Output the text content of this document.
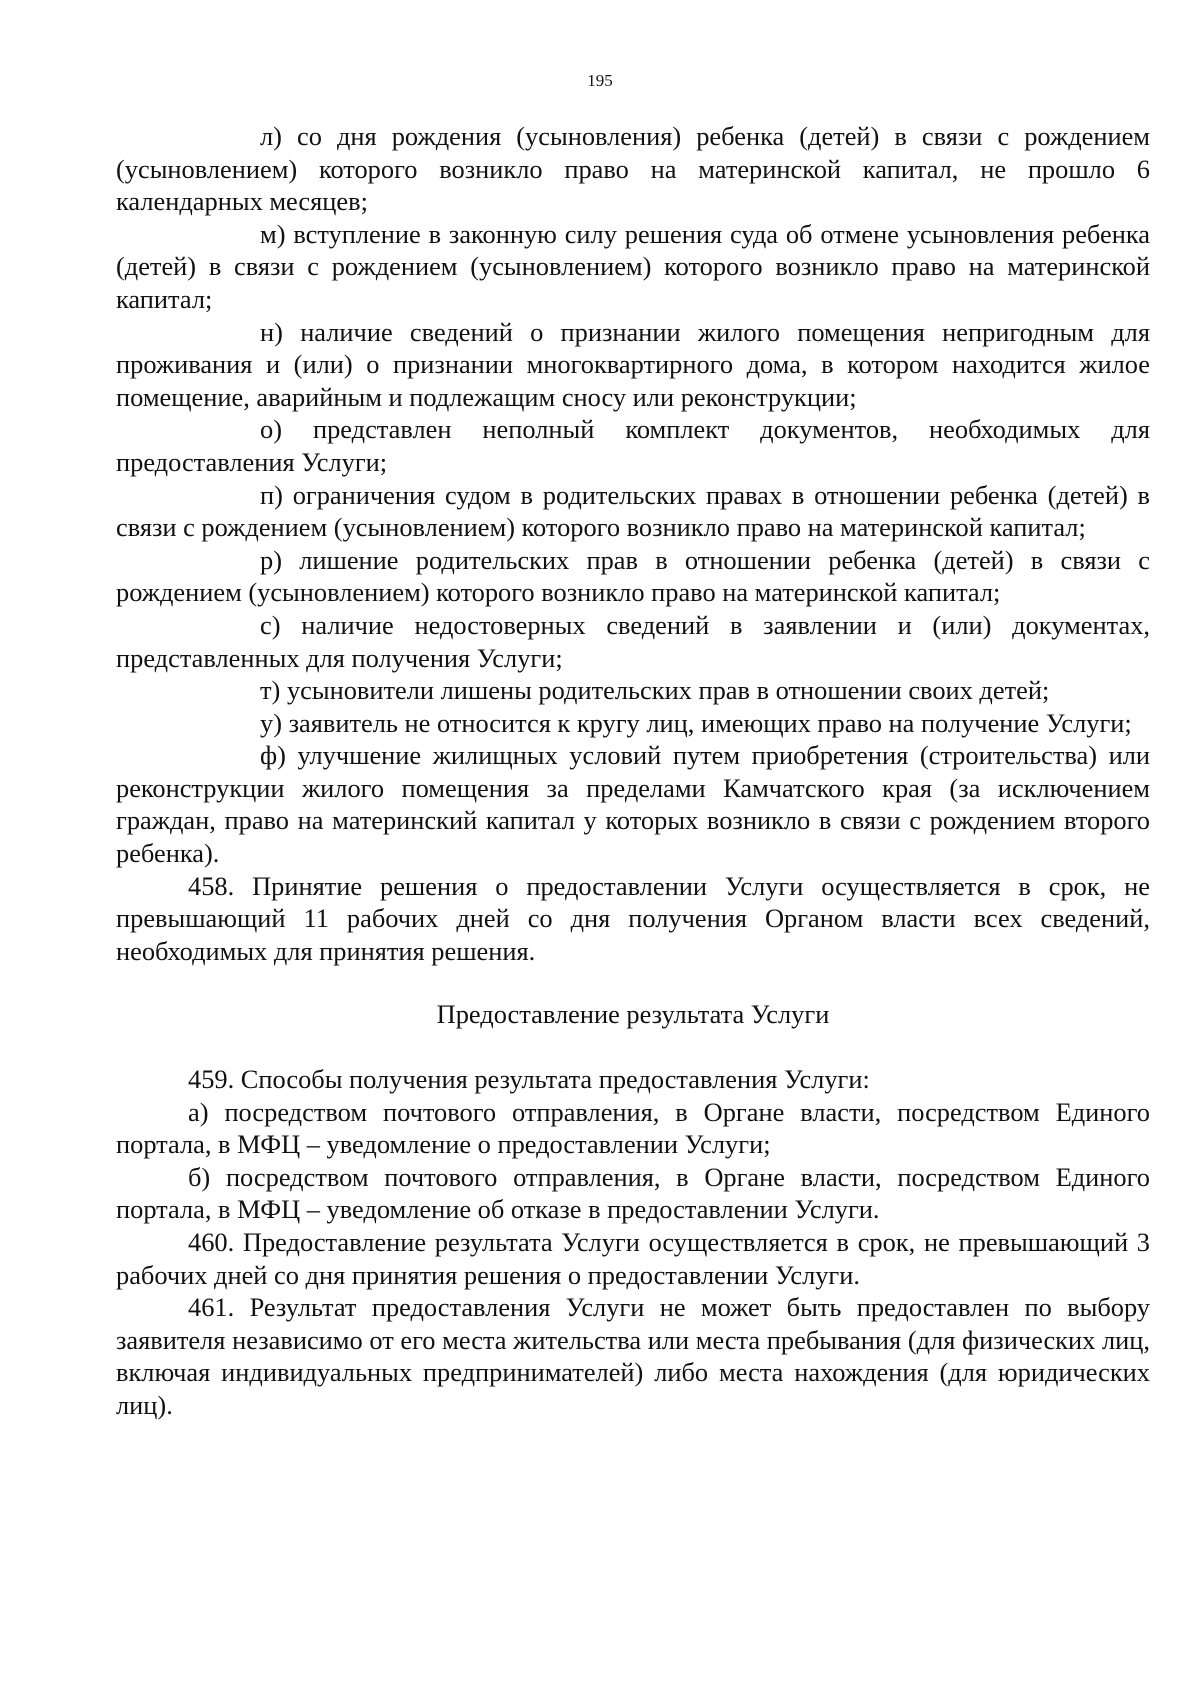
195

л) со дня рождения (усыновления) ребенка (детей) в связи с рождением (усыновлением) которого возникло право на материнской капитал, не прошло 6 календарных месяцев;

м) вступление в законную силу решения суда об отмене усыновления ребенка (детей) в связи с рождением (усыновлением) которого возникло право на материнской капитал;

н) наличие сведений о признании жилого помещения непригодным для проживания и (или) о признании многоквартирного дома, в котором находится жилое помещение, аварийным и подлежащим сносу или реконструкции;

о) представлен неполный комплект документов, необходимых для предоставления Услуги;

п) ограничения судом в родительских правах в отношении ребенка (детей) в связи с рождением (усыновлением) которого возникло право на материнской капитал;

р) лишение родительских прав в отношении ребенка (детей) в связи с рождением (усыновлением) которого возникло право на материнской капитал;

с) наличие недостоверных сведений в заявлении и (или) документах, представленных для получения Услуги;

т) усыновители лишены родительских прав в отношении своих детей;

у) заявитель не относится к кругу лиц, имеющих право на получение Услуги;

ф) улучшение жилищных условий путем приобретения (строительства) или реконструкции жилого помещения за пределами Камчатского края (за исключением граждан, право на материнский капитал у которых возникло в связи с рождением второго ребенка).

458. Принятие решения о предоставлении Услуги осуществляется в срок, не превышающий 11 рабочих дней со дня получения Органом власти всех сведений, необходимых для принятия решения.

Предоставление результата Услуги

459. Способы получения результата предоставления Услуги:

а) посредством почтового отправления, в Органе власти, посредством Единого портала, в МФЦ – уведомление о предоставлении Услуги;

б) посредством почтового отправления, в Органе власти, посредством Единого портала, в МФЦ – уведомление об отказе в предоставлении Услуги.

460. Предоставление результата Услуги осуществляется в срок, не превышающий 3 рабочих дней со дня принятия решения о предоставлении Услуги.

461. Результат предоставления Услуги не может быть предоставлен по выбору заявителя независимо от его места жительства или места пребывания (для физических лиц, включая индивидуальных предпринимателей) либо места нахождения (для юридических лиц).
